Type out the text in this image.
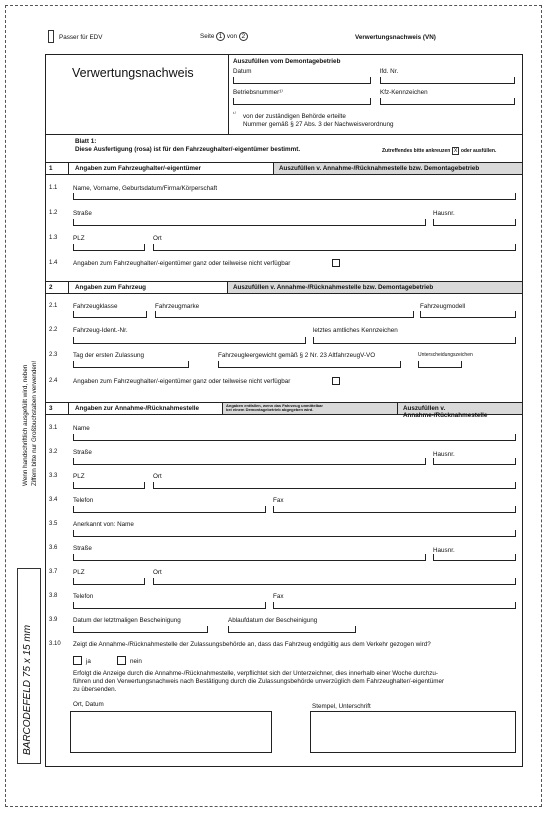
Passer für EDV	Seite 1 von 2	Verwertungsnachweis (VN)
Verwertungsnachweis
Auszufüllen vom Demontagebetrieb
Datum	lfd. Nr.
Betriebsnummer¹⁾	Kfz-Kennzeichen
¹⁾ von der zuständigen Behörde erteilte
Nummer gemäß § 27 Abs. 3 der Nachweisverordnung
Blatt 1:
Diese Ausfertigung (rosa) ist für den Fahrzeughalter/-eigentümer bestimmt.	Zutreffendes bitte ankreuzen X oder ausfüllen.
1	Angaben zum Fahrzeughalter/-eigentümer	Auszufüllen v. Annahme-/Rücknahmestelle bzw. Demontagebetrieb
1.1 Name, Vorname, Geburtsdatum/Firma/Körperschaft
1.2 Straße	Hausnr.
1.3 PLZ	Ort
1.4 Angaben zum Fahrzeughalter/-eigentümer ganz oder teilweise nicht verfügbar
2	Angaben zum Fahrzeug	Auszufüllen v. Annahme-/Rücknahmestelle bzw. Demontagebetrieb
2.1 Fahrzeugklasse	Fahrzeugmarke	Fahrzeugmodell
2.2 Fahrzeug-Ident.-Nr.	letztes amtliches Kennzeichen
2.3 Tag der ersten Zulassung	Fahrzeugleergewicht gemäß § 2 Nr. 23 AltfahrzeugV-VO	Unterscheidungszeichen
2.4 Angaben zum Fahrzeughalter/-eigentümer ganz oder teilweise nicht verfügbar
3	Angaben zur Annahme-/Rücknahmestelle	Angaben entfallen, wenn das Fahrzeug unmittelbar
bei einem Demontagebetrieb abgegeben wird.	Auszufüllen v. Annahme-/Rücknahmestelle
3.1 Name
3.2 Straße	Hausnr.
3.3 PLZ	Ort
3.4 Telefon	Fax
3.5 Anerkannt von: Name
3.6 Straße	Hausnr.
3.7 PLZ	Ort
3.8 Telefon	Fax
3.9 Datum der letztmaligen Bescheinigung	Ablaufdatum der Bescheinigung
3.10 Zeigt die Annahme-/Rücknahmestelle der Zulassungsbehörde an, dass das Fahrzeug endgültig aus dem Verkehr gezogen wird?
ja	nein
Erfolgt die Anzeige durch die Annahme-/Rücknahmestelle, verpflichtet sich der Unterzeichner, dies innerhalb einer Woche durchzu-
führen und den Verwertungsnachweis nach Bestätigung durch die Zulassungsbehörde unverzüglich dem Fahrzeughalter/-eigentümer
zu übersenden.
Ort, Datum	Stempel, Unterschrift
Wenn handschriftlich ausgefüllt wird, neben Ziffern bitte nur Großbuchstaben verwenden!
BARCODEFELD 75 x 15 mm
